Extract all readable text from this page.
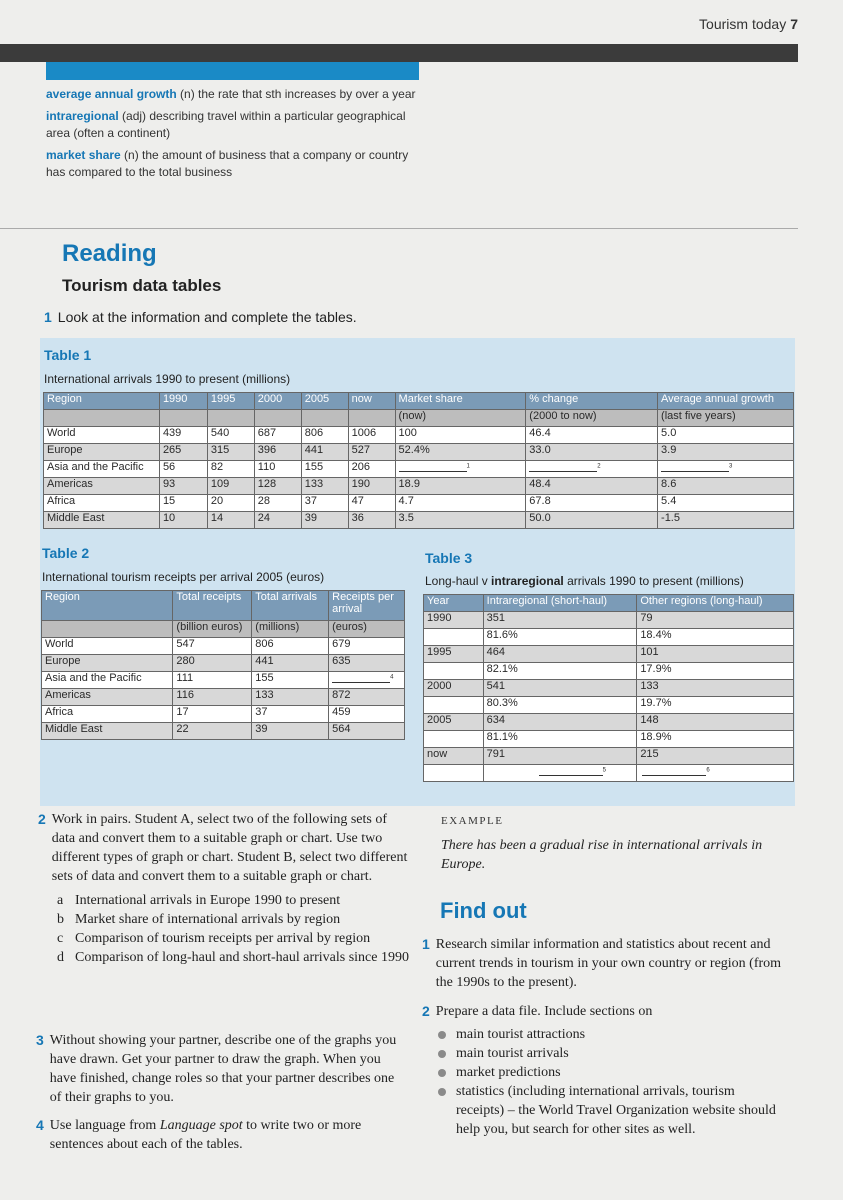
Tourism today 7
average annual growth (n) the rate that sth increases by over a year
intraregional (adj) describing travel within a particular geographical area (often a continent)
market share (n) the amount of business that a company or country has compared to the total business
Reading
Tourism data tables
1 Look at the information and complete the tables.
Table 1
International arrivals 1990 to present (millions)
Region	1990	1995	2000	2005	now	Market share	% change	Average annual growth
						(now)	(2000 to now)	(last five years)
World	439	540	687	806	1006	100	46.4	5.0
Europe	265	315	396	441	527	52.4%	33.0	3.9
Asia and the Pacific	56	82	110	155	206	$^1$	$^2$	$^3$
Americas	93	109	128	133	190	18.9	48.4	8.6
Africa	15	20	28	37	47	4.7	67.8	5.4
Middle East	10	14	24	39	36	3.5	50.0	-1.5
Table 2
International tourism receipts per arrival 2005 (euros)
Region	Total receipts	Total arrivals	Receipts per arrival
	(billion euros)	(millions)	(euros)
World	547	806	679
Europe	280	441	635
Asia and the Pacific	111	155	$^4$
Americas	116	133	872
Africa	17	37	459
Middle East	22	39	564
Table 3
Long-haul v intraregional arrivals 1990 to present (millions)
Year	Intraregional (short-haul)	Other regions (long-haul)
1990	351	79
	81.6%	18.4%
1995	464	101
	82.1%	17.9%
2000	541	133
	80.3%	19.7%
2005	634	148
	81.1%	18.9%
now	791	215
	$^5$	$^6$
2 Work in pairs. Student A, select two of the following sets of data and convert them to a suitable graph or chart. Use two different types of graph or chart. Student B, select two different sets of data and convert them to a suitable graph or chart.
a International arrivals in Europe 1990 to present
b Market share of international arrivals by region
c Comparison of tourism receipts per arrival by region
d Comparison of long-haul and short-haul arrivals since 1990
3 Without showing your partner, describe one of the graphs you have drawn. Get your partner to draw the graph. When you have finished, change roles so that your partner describes one of their graphs to you.
4 Use language from Language spot to write two or more sentences about each of the tables.
EXAMPLE
There has been a gradual rise in international arrivals in Europe.
Find out
1 Research similar information and statistics about recent and current trends in tourism in your own country or region (from the 1990s to the present).
2 Prepare a data file. Include sections on
main tourist attractions
main tourist arrivals
market predictions
statistics (including international arrivals, tourism receipts) – the World Travel Organization website should help you, but search for other sites as well.
